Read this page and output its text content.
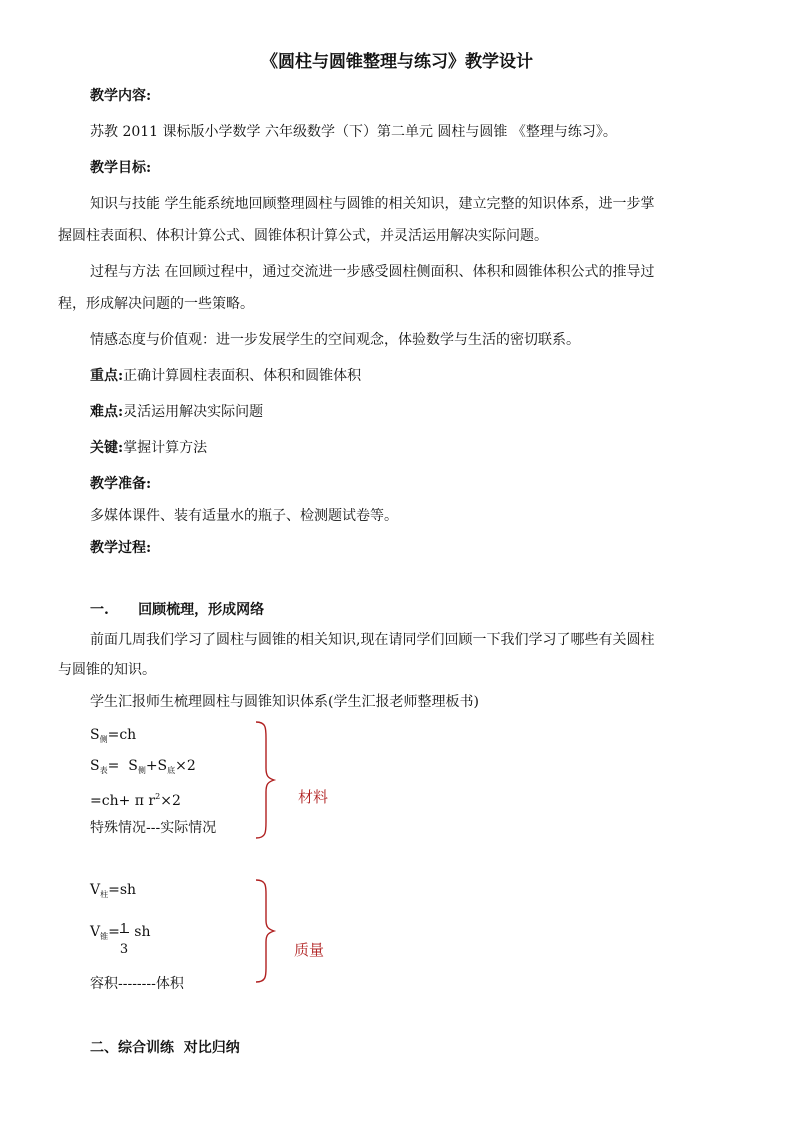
《圆柱与圆锥整理与练习》教学设计
教学内容:
苏教 2011 课标版小学数学 六年级数学（下）第二单元 圆柱与圆锥 《整理与练习》。
教学目标:
知识与技能 学生能系统地回顾整理圆柱与圆锥的相关知识，建立完整的知识体系，进一步掌
握圆柱表面积、体积计算公式、圆锥体积计算公式，并灵活运用解决实际问题。
过程与方法 在回顾过程中，通过交流进一步感受圆柱侧面积、体积和圆锥体积公式的推导过
程，形成解决问题的一些策略。
情感态度与价值观：进一步发展学生的空间观念，体验数学与生活的密切联系。
重点:正确计算圆柱表面积、体积和圆锥体积
难点:灵活运用解决实际问题
关键:掌握计算方法
教学准备:
多媒体课件、装有适量水的瓶子、检测题试卷等。
教学过程:
一.      回顾梳理，形成网络
前面几周我们学习了圆柱与圆锥的相关知识,现在请同学们回顾一下我们学习了哪些有关圆柱
与圆锥的知识。
学生汇报师生梳理圆柱与圆锥知识体系(学生汇报老师整理板书)
$S_侧=ch$
$S_表= S_侧+S_底\times 2$
=ch+ π $r^2\times 2$
特殊情况---实际情况
材料
$V_柱=sh$
$V_锥= 1$
3
sh
容积--------体积
质量
二、综合训练  对比归纳
